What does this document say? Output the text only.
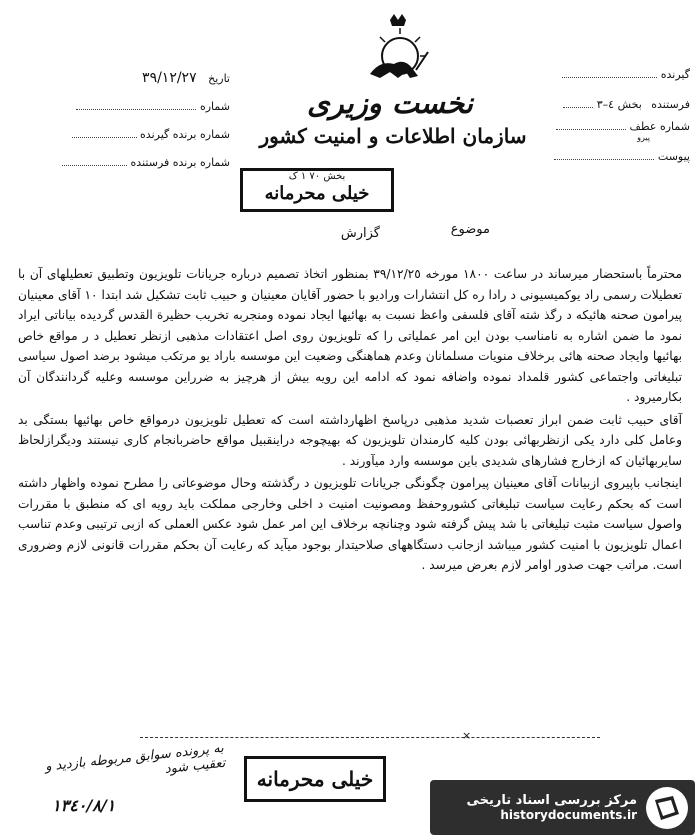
گیرنده
فرستنده بخش ٤–٣
شماره عطف
پیرو
پیوست
تاریخ ٣٩/١٢/٢٧
شماره
شماره برنده گیرنده
شماره برنده فرستنده
نخست وزیری
سازمان اطلاعات و امنیت کشور
بخش ۷۰ ۱ ک
خیلی محرمانه
موضوع
گزارش

محترماً باستحضار میرساند در ساعت ١٨٠٠ مورخه ٣٩/١٢/٢٥ بمنظور اتخاذ تصمیم درباره جریانات تلویزیون وتطبیق تعطیلهای آن با تعطیلات رسمی راد یوکمیسیونی د رادا ره کل انتشارات ورادیو با حضور آقایان معینیان و حبیب ثابت تشکیل شد ابتدا ۱۰ آقای معینیان پیرامون صحنه هائیکه د رگذ شته آقای فلسفی واعظ نسبت به بهائیها ایجاد نموده ومنجربه تخریب حظیرة القدس گردیده بیاناتی ایراد نمود ما ضمن اشاره به نامناسب بودن این امر عملیاتی را که تلویزیون روی اصل اعتقادات مذهبی ازنظر تعطیل د ر مواقع خاص بهائیها وایجاد صحنه هائی برخلاف منویات مسلمانان وعدم هماهنگی وضعیت این موسسه باراد یو مرتکب میشود برضد اصول سیاسی تبلیغاتی واجتماعی کشور قلمداد نموده واضافه نمود که ادامه این رویه بیش از هرچیز به ضرراین موسسه وعلیه گردانندگان آن بکارمیرود .

آقای حبیب ثابت ضمن ابراز تعصبات شدید مذهبی درپاسخ اظهارداشته است که تعطیل تلویزیون درمواقع خاص بهائیها بستگی بد وعامل کلی دارد یکی ازنظربهائی بودن کلیه کارمندان تلویزیون که بهیچوجه دراینقبیل مواقع حاضربانجام کاری نیستند ودیگرازلحاظ سایربهائیان که ازخارج فشارهای شدیدی باین موسسه وارد میآورند .

اینجانب باپیروی ازبیانات آقای معینیان پیرامون چگونگی جریانات تلویزیون د رگذشته وحال موضوعاتی را مطرح نموده واظهار داشته است که بحکم رعایت سیاست تبلیغاتی کشوروحفظ ومصونیت امنیت د اخلی وخارجی مملکت باید رویه ای که منطبق با مقررات واصول سیاست مثبت تبلیغاتی با شد پیش گرفته شود وچنانچه برخلاف این امر عمل شود عکس العملی که ازبی ترتیبی وعدم تناسب اعمال تلویزیون با امنیت کشور میباشد ازجانب دستگاههای صلاحیتدار بوجود میآید که رعایت آن بحکم مقررات قانونی لازم وضروری است. مراتب جهت صدور اوامر لازم بعرض میرسد .

×
به پرونده سوابق مربوطه بازدید و تعقیب شود
١٣٤٠/٨/١
خیلی محرمانه
مرکز بررسی اسناد تاریخی
historydocuments.ir
